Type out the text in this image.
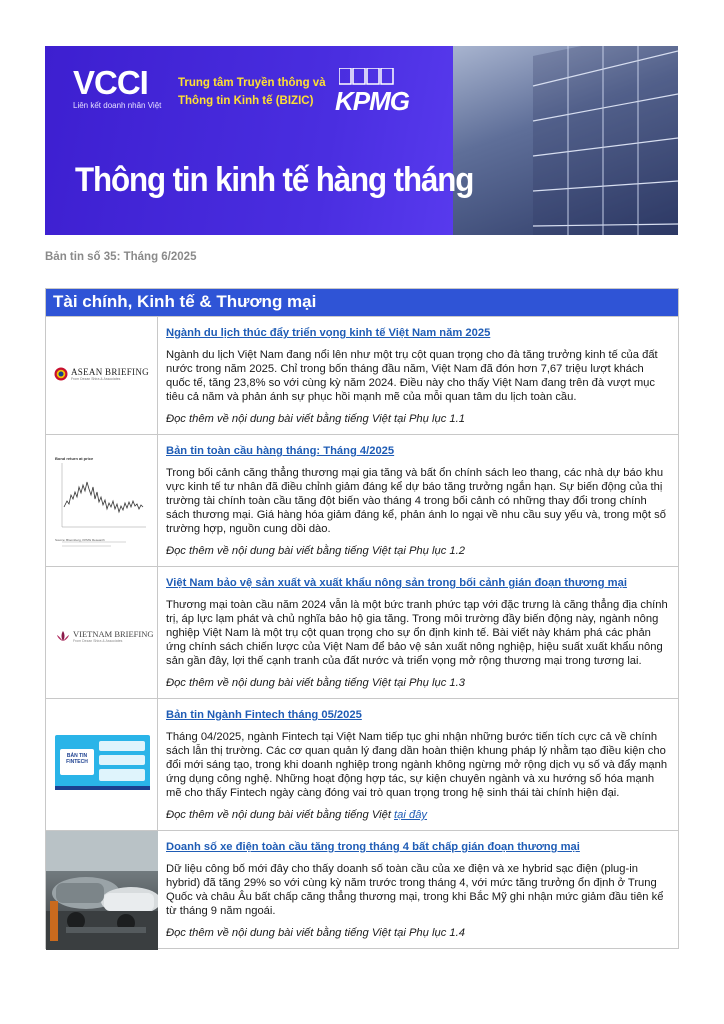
VCCI
Liên kết doanh nhân Việt
Trung tâm Truyền thông và
Thông tin Kinh tế (BIZIC) KPMG
Thông tin kinh tế hàng tháng
Bản tin số 35: Tháng 6/2025
Tài chính, Kinh tế & Thương mại
ASEAN BRIEFING
From Dezan Shira & Associates
Ngành du lịch thúc đẩy triển vọng kinh tế Việt Nam năm 2025
Ngành du lịch Việt Nam đang nổi lên như một trụ cột quan trọng cho đà tăng trưởng kinh tế của đất nước trong năm 2025. Chỉ trong bốn tháng đầu năm, Việt Nam đã đón hơn 7,67 triệu lượt khách quốc tế, tăng 23,8% so với cùng kỳ năm 2024. Điều này cho thấy Việt Nam đang trên đà vượt mục tiêu cả năm và phản ánh sự phục hồi mạnh mẽ của mỗi quan tâm du lịch toàn cầu.
Đọc thêm về nội dung bài viết bằng tiếng Việt tại Phụ lục 1.1
Bond return at price
Source: Bloomberg, KPMG Research
Bản tin toàn cầu hàng tháng: Tháng 4/2025
Trong bối cảnh căng thẳng thương mại gia tăng và bất ổn chính sách leo thang, các nhà dự báo khu vực kinh tế tư nhân đã điều chỉnh giảm đáng kể dự báo tăng trưởng ngắn hạn. Sự biến động của thị trường tài chính toàn cầu tăng đột biến vào tháng 4 trong bối cảnh có những thay đổi trong chính sách thương mại. Giá hàng hóa giảm đáng kể, phản ánh lo ngại về nhu cầu suy yếu và, trong một số trường hợp, nguồn cung dồi dào.
Đọc thêm về nội dung bài viết bằng tiếng Việt tại Phụ lục 1.2
VIETNAM BRIEFING
From Dezan Shira & Associates
Việt Nam bảo vệ sản xuất và xuất khẩu nông sản trong bối cảnh gián đoạn thương mại
Thương mại toàn cầu năm 2024 vẫn là một bức tranh phức tạp với đặc trưng là căng thẳng địa chính trị, áp lực lạm phát và chủ nghĩa bảo hộ gia tăng. Trong môi trường đầy biến động này, ngành nông nghiệp Việt Nam là một trụ cột quan trọng cho sự ổn định kinh tế. Bài viết này khám phá các phản ứng chính sách chiến lược của Việt Nam để bảo vệ sản xuất nông nghiệp, hiệu suất xuất khẩu nông sản gần đây, lợi thế cạnh tranh của đất nước và triển vọng mở rộng thương mại trong tương lai.
Đọc thêm về nội dung bài viết bằng tiếng Việt tại Phụ lục 1.3
BẢN TIN FINTECH
Bản tin Ngành Fintech tháng 05/2025
Tháng 04/2025, ngành Fintech tại Việt Nam tiếp tục ghi nhận những bước tiến tích cực cả về chính sách lẫn thị trường. Các cơ quan quản lý đang dần hoàn thiện khung pháp lý nhằm tạo điều kiện cho đổi mới sáng tạo, trong khi doanh nghiệp trong ngành không ngừng mở rộng dịch vụ số và đẩy mạnh ứng dụng công nghệ. Những hoạt động hợp tác, sự kiện chuyên ngành và xu hướng số hóa mạnh mẽ cho thấy Fintech ngày càng đóng vai trò quan trọng trong hệ sinh thái tài chính hiện đại.
Đọc thêm về nội dung bài viết bằng tiếng Việt tại đây
Doanh số xe điện toàn cầu tăng trong tháng 4 bất chấp gián đoạn thương mại
Dữ liệu công bố mới đây cho thấy doanh số toàn cầu của xe điện và xe hybrid sạc điện (plug-in hybrid) đã tăng 29% so với cùng kỳ năm trước trong tháng 4, với mức tăng trưởng ổn định ở Trung Quốc và châu Âu bất chấp căng thẳng thương mại, trong khi Bắc Mỹ ghi nhận mức giảm đầu tiên kể từ tháng 9 năm ngoái.
Đọc thêm về nội dung bài viết bằng tiếng Việt tại Phụ lục 1.4
